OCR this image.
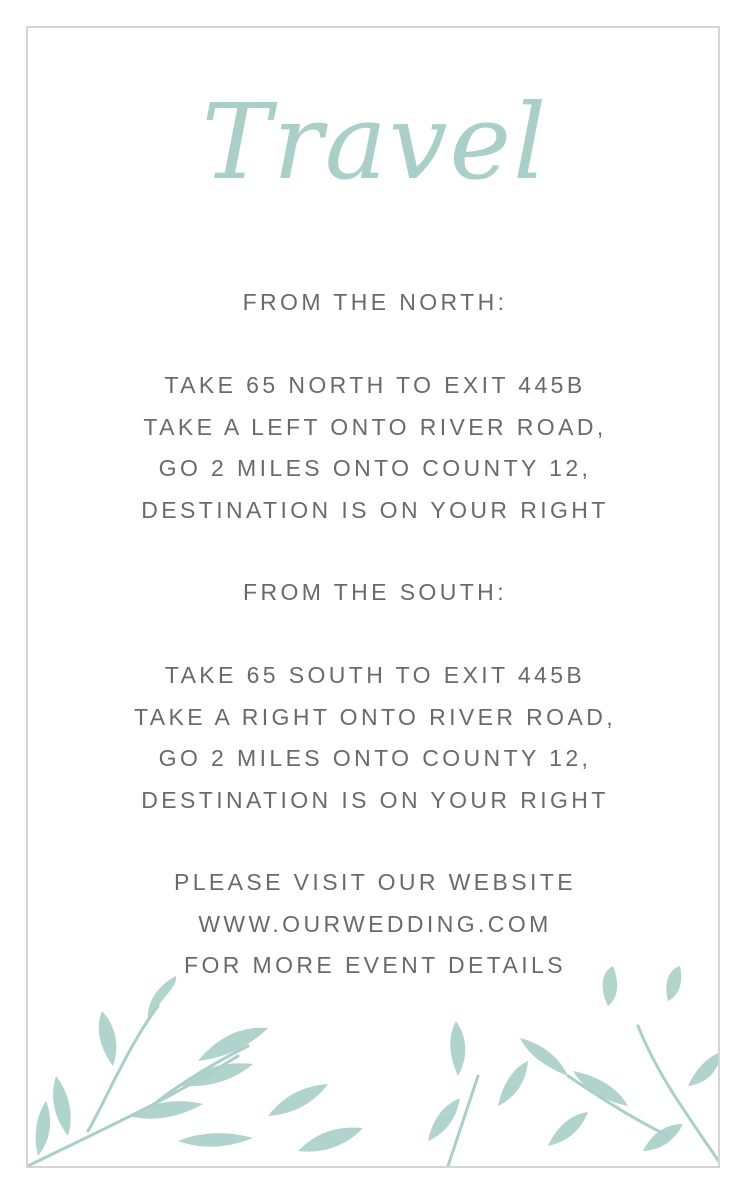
Travel
FROM THE NORTH:
TAKE 65 NORTH TO EXIT 445B
TAKE A LEFT ONTO RIVER ROAD,
GO 2 MILES ONTO COUNTY 12,
DESTINATION IS ON YOUR RIGHT
FROM THE SOUTH:
TAKE 65 SOUTH TO EXIT 445B
TAKE A RIGHT ONTO RIVER ROAD,
GO 2 MILES ONTO COUNTY 12,
DESTINATION IS ON YOUR RIGHT
PLEASE VISIT OUR WEBSITE
WWW.OURWEDDING.COM
FOR MORE EVENT DETAILS
